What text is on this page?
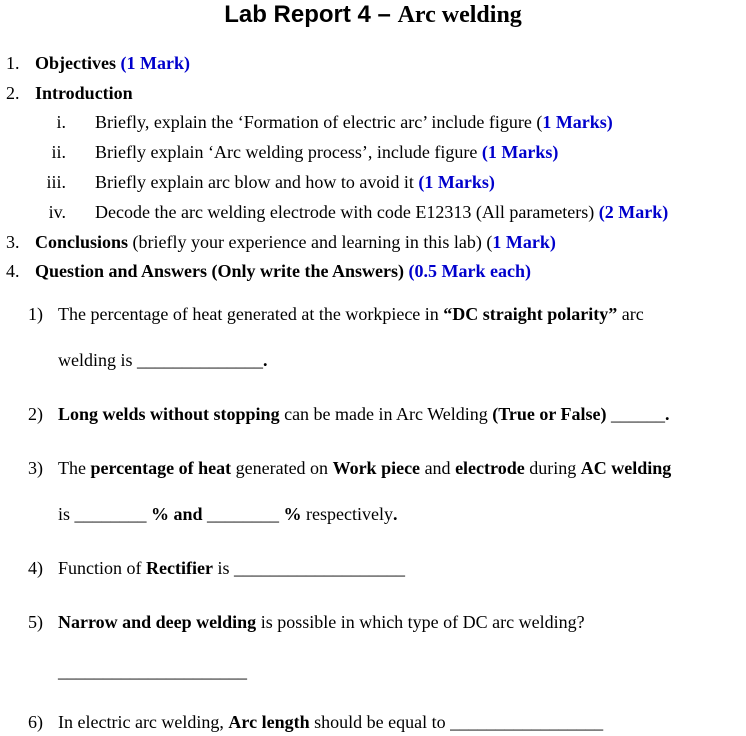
Lab Report 4 – Arc welding
1. Objectives (1 Mark)
2. Introduction
i. Briefly, explain the ‘Formation of electric arc’ include figure (1 Marks)
ii. Briefly explain ‘Arc welding process’, include figure (1 Marks)
iii. Briefly explain arc blow and how to avoid it (1 Marks)
iv. Decode the arc welding electrode with code E12313 (All parameters) (2 Mark)
3. Conclusions (briefly your experience and learning in this lab) (1 Mark)
4. Question and Answers (Only write the Answers) (0.5 Mark each)
1) The percentage of heat generated at the workpiece in “DC straight polarity” arc
welding is ______________.
2) Long welds without stopping can be made in Arc Welding (True or False) ______.
3) The percentage of heat generated on Work piece and electrode during AC welding
is ________ % and ________ % respectively.
4) Function of Rectifier is ___________________
5) Narrow and deep welding is possible in which type of DC arc welding?
_____________________
6) In electric arc welding, Arc length should be equal to _________________
